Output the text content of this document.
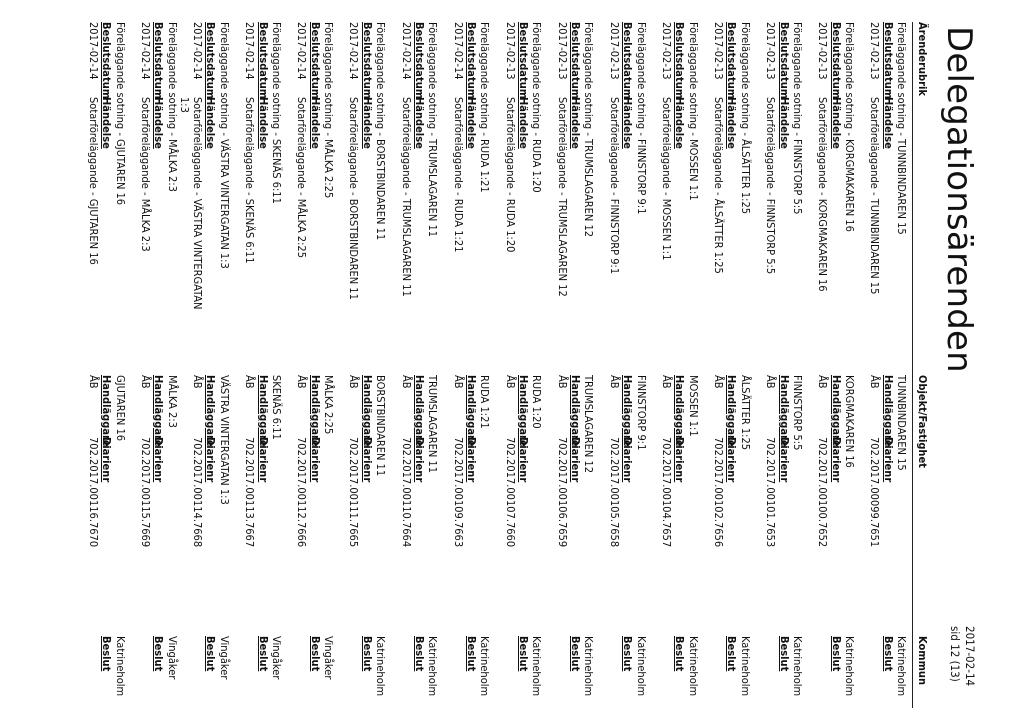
Delegationsärenden
2017-02-14
sid 12 (13)
Ärenderubrik
Objekt/Fastighet
Kommun
Föreläggande sotning - TUNNBINDAREN 15
TUNNBINDAREN 15
Katrineholm
Beslutsdatum
Händelse
Handläggare
Diarienr
Beslut
2017-02-13
Sotarföreläggande - TUNNBINDAREN 15
ÅB
702.2017.00099.7651
Föreläggande sotning - KORGMAKAREN 16
KORGMAKAREN 16
Katrineholm
Beslutsdatum
Händelse
Handläggare
Diarienr
Beslut
2017-02-13
Sotarföreläggande - KORGMAKAREN 16
ÅB
702.2017.00100.7652
Föreläggande sotning - FINNSTORP 5:5
FINNSTORP 5:5
Katrineholm
Beslutsdatum
Händelse
Handläggare
Diarienr
Beslut
2017-02-13
Sotarföreläggande - FINNSTORP 5:5
ÅB
702.2017.00101.7653
Föreläggande sotning - ÅLSÄTTER 1:25
ÅLSÄTTER 1:25
Katrineholm
Beslutsdatum
Händelse
Handläggare
Diarienr
Beslut
2017-02-13
Sotarföreläggande - ÅLSÄTTER 1:25
ÅB
702.2017.00102.7656
Föreläggande sotning - MOSSEN 1:1
MOSSEN 1:1
Katrineholm
Beslutsdatum
Händelse
Handläggare
Diarienr
Beslut
2017-02-13
Sotarföreläggande - MOSSEN 1:1
ÅB
702.2017.00104.7657
Föreläggande sotning - FINNSTORP 9:1
FINNSTORP 9:1
Katrineholm
Beslutsdatum
Händelse
Handläggare
Diarienr
Beslut
2017-02-13
Sotarföreläggande - FINNSTORP 9:1
ÅB
702.2017.00105.7658
Föreläggande sotning - TRUMSLAGAREN 12
TRUMSLAGAREN 12
Katrineholm
Beslutsdatum
Händelse
Handläggare
Diarienr
Beslut
2017-02-13
Sotarföreläggande - TRUMSLAGAREN 12
ÅB
702.2017.00106.7659
Föreläggande sotning - RUDA 1:20
RUDA 1:20
Katrineholm
Beslutsdatum
Händelse
Handläggare
Diarienr
Beslut
2017-02-13
Sotarföreläggande - RUDA 1:20
ÅB
702.2017.00107.7660
Föreläggande sotning - RUDA 1:21
RUDA 1:21
Katrineholm
Beslutsdatum
Händelse
Handläggare
Diarienr
Beslut
2017-02-14
Sotarföreläggande - RUDA 1:21
ÅB
702.2017.00109.7663
Föreläggande sotning - TRUMSLAGAREN 11
TRUMSLAGAREN 11
Katrineholm
Beslutsdatum
Händelse
Handläggare
Diarienr
Beslut
2017-02-14
Sotarföreläggande - TRUMSLAGAREN 11
ÅB
702.2017.00110.7664
Föreläggande sotning - BORSTBINDAREN 11
BORSTBINDAREN 11
Katrineholm
Beslutsdatum
Händelse
Handläggare
Diarienr
Beslut
2017-02-14
Sotarföreläggande - BORSTBINDAREN 11
ÅB
702.2017.00111.7665
Föreläggande sotning - MÅLKA 2:25
MÅLKA 2:25
Vingåker
Beslutsdatum
Händelse
Handläggare
Diarienr
Beslut
2017-02-14
Sotarföreläggande - MÅLKA 2:25
ÅB
702.2017.00112.7666
Föreläggande sotning - SKENÄS 6:11
SKENÄS 6:11
Vingåker
Beslutsdatum
Händelse
Handläggare
Diarienr
Beslut
2017-02-14
Sotarföreläggande - SKENÄS 6:11
ÅB
702.2017.00113.7667
Föreläggande sotning - VÄSTRA VINTERGATAN 1:3
VÄSTRA VINTERGATAN 1:3
Vingåker
Beslutsdatum
Händelse
Handläggare
Diarienr
Beslut
2017-02-14
Sotarföreläggande - VÄSTRA VINTERGATAN
ÅB
702.2017.00114.7668
1:3
Föreläggande sotning - MÅLKA 2:3
MÅLKA 2:3
Vingåker
Beslutsdatum
Händelse
Handläggare
Diarienr
Beslut
2017-02-14
Sotarföreläggande - MÅLKA 2:3
ÅB
702.2017.00115.7669
Föreläggande sotning - GJUTAREN 16
GJUTAREN 16
Katrineholm
Beslutsdatum
Händelse
Handläggare
Diarienr
Beslut
2017-02-14
Sotarföreläggande - GJUTAREN 16
ÅB
702.2017.00116.7670
